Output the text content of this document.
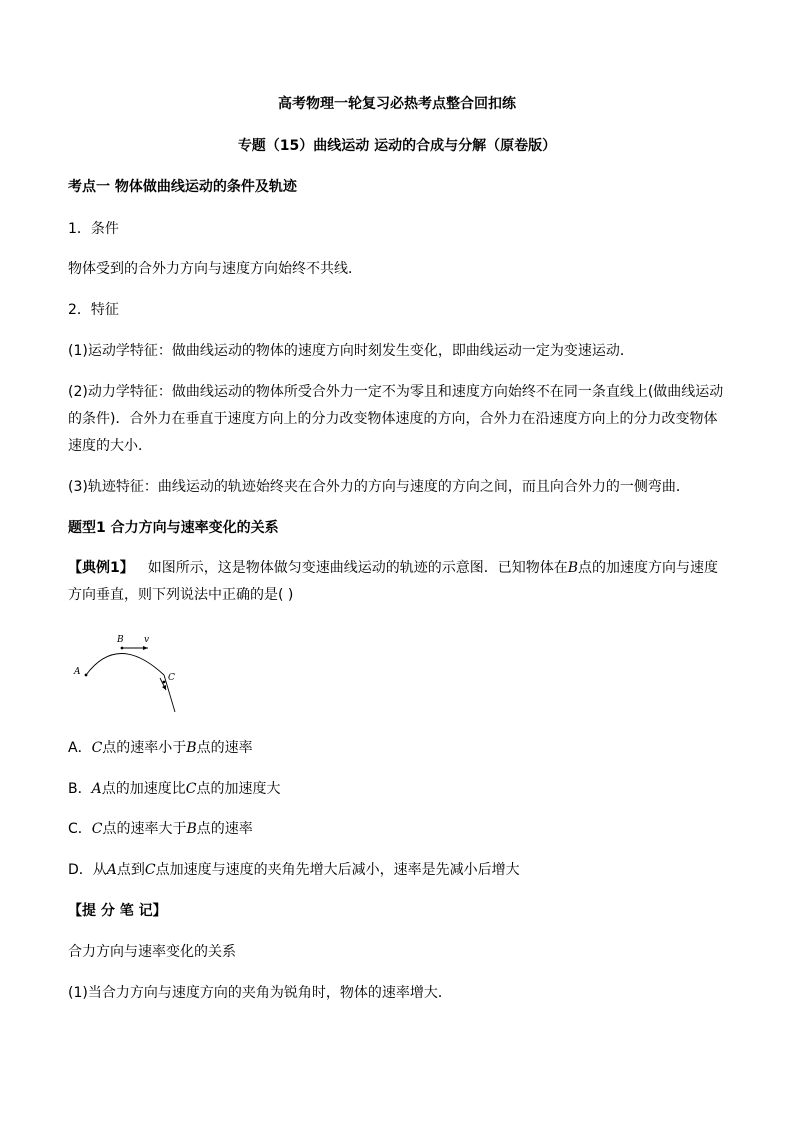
高考物理一轮复习必热考点整合回扣练
专题（15）曲线运动 运动的合成与分解（原卷版）
考点一 物体做曲线运动的条件及轨迹
1．条件
物体受到的合外力方向与速度方向始终不共线．
2．特征
(1)运动学特征：做曲线运动的物体的速度方向时刻发生变化，即曲线运动一定为变速运动．
(2)动力学特征：做曲线运动的物体所受合外力一定不为零且和速度方向始终不在同一条直线上(做曲线运动
的条件)．合外力在垂直于速度方向上的分力改变物体速度的方向，合外力在沿速度方向上的分力改变物体
速度的大小．
(3)轨迹特征：曲线运动的轨迹始终夹在合外力的方向与速度的方向之间，而且向合外力的一侧弯曲．
题型1 合力方向与速率变化的关系
【典例1】 如图所示，这是物体做匀变速曲线运动的轨迹的示意图．已知物体在B点的加速度方向与速度
方向垂直，则下列说法中正确的是( )
A
B v
C
A．C点的速率小于B点的速率
B．A点的加速度比C点的加速度大
C．C点的速率大于B点的速率
D．从A点到C点加速度与速度的夹角先增大后减小，速率是先减小后增大
【提 分 笔 记】
合力方向与速率变化的关系
(1)当合力方向与速度方向的夹角为锐角时，物体的速率增大．
